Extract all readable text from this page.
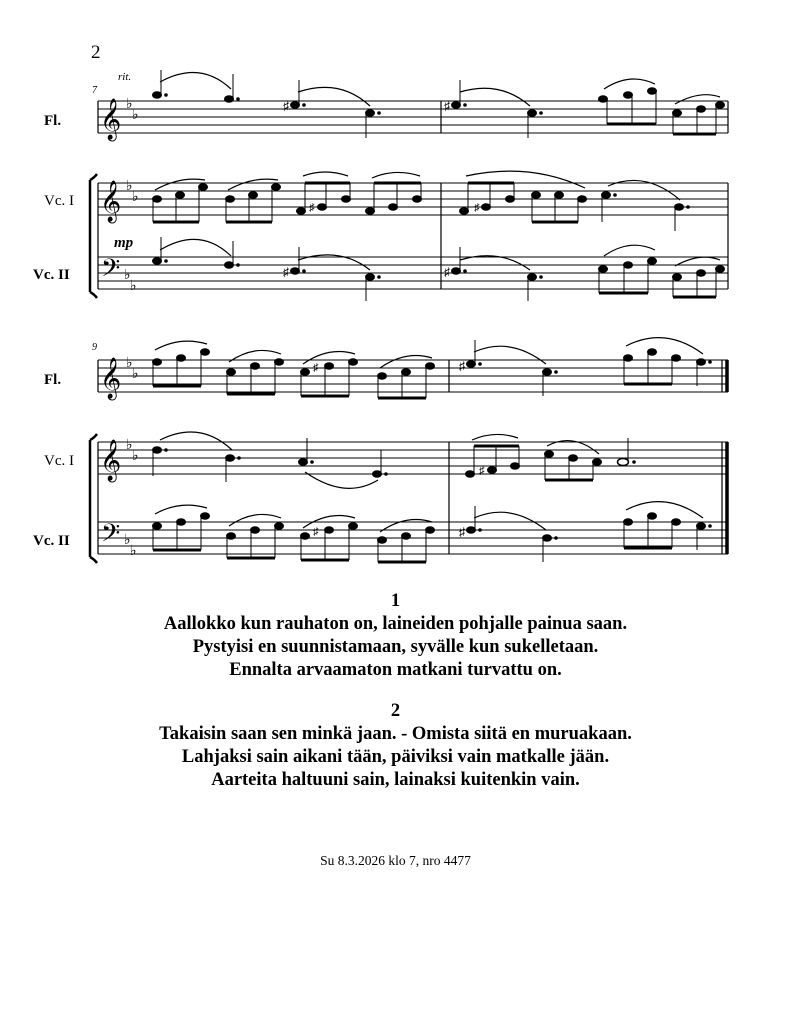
2
7
rit.
mp
Fl.
Vc. I
Vc. II
𝄞
𝄞
𝄢
♭
♭
♭
♭
♭
♭
♯	♯
♯	♯
♯	♯
9
Fl.
Vc. I
Vc. II
𝄞
𝄞
𝄢
♭
♭
♭
♭
♭
♭
♯	♯
♯
♯	♯
1
Aallokko kun rauhaton on, laineiden pohjalle painua saan.
Pystyisi en suunnistamaan, syvälle kun sukelletaan.
Ennalta arvaamaton matkani turvattu on.
2
Takaisin saan sen minkä jaan. - Omista siitä en muruakaan.
Lahjaksi sain aikani tään, päiviksi vain matkalle jään.
Aarteita haltuuni sain, lainaksi kuitenkin vain.
Su 8.3.2026 klo 7, nro 4477
